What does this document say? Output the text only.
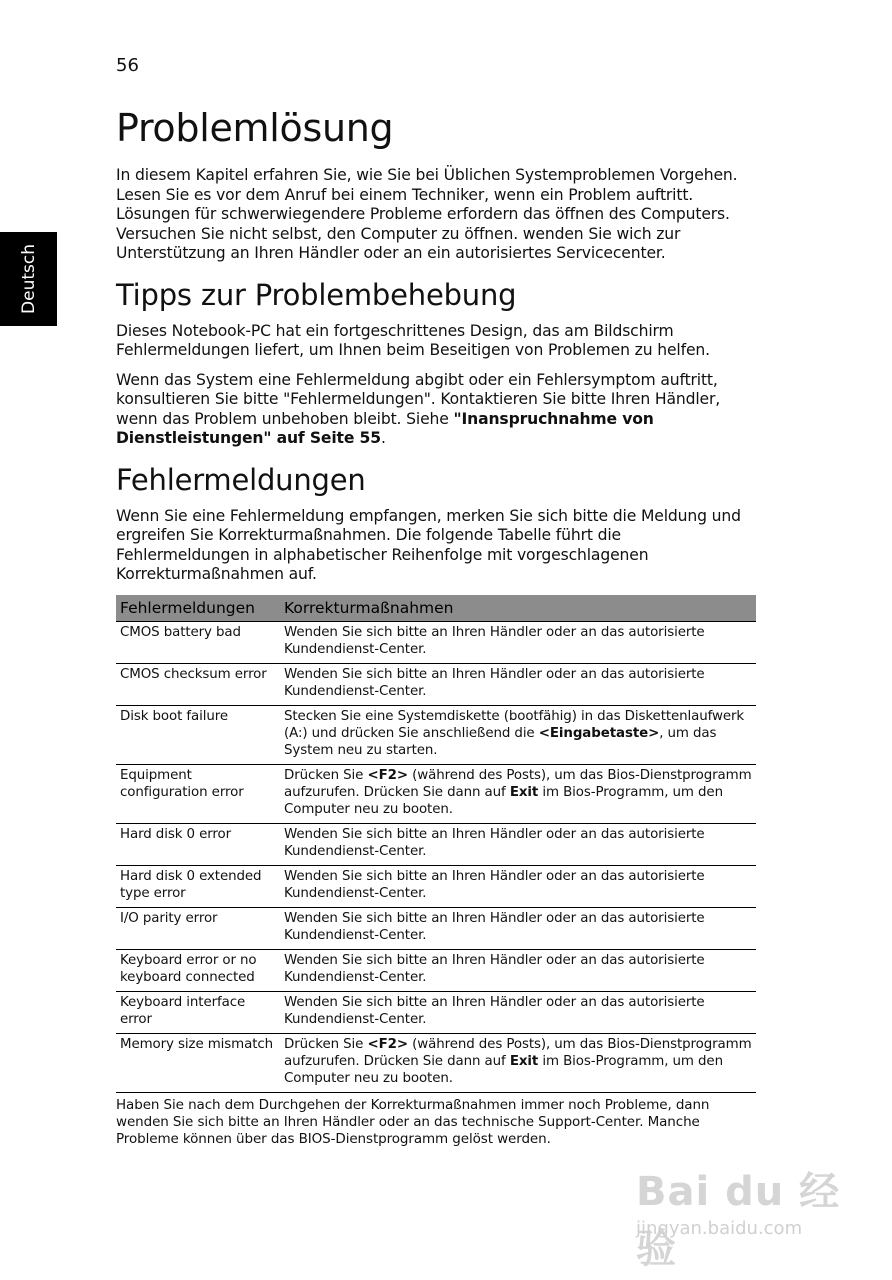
56
Deutsch
Problemlösung

In diesem Kapitel erfahren Sie, wie Sie bei Üblichen Systemproblemen Vorgehen. Lesen Sie es vor dem Anruf bei einem Techniker, wenn ein Problem auftritt. Lösungen für schwerwiegendere Probleme erfordern das öffnen des Computers. Versuchen Sie nicht selbst, den Computer zu öffnen. wenden Sie wich zur Unterstützung an Ihren Händler oder an ein autorisiertes Servicecenter.

Tipps zur Problembehebung

Dieses Notebook-PC hat ein fortgeschrittenes Design, das am Bildschirm Fehlermeldungen liefert, um Ihnen beim Beseitigen von Problemen zu helfen.

Wenn das System eine Fehlermeldung abgibt oder ein Fehlersymptom auftritt, konsultieren Sie bitte "Fehlermeldungen". Kontaktieren Sie bitte Ihren Händler, wenn das Problem unbehoben bleibt. Siehe "Inanspruchnahme von Dienstleistungen" auf Seite 55.

Fehlermeldungen

Wenn Sie eine Fehlermeldung empfangen, merken Sie sich bitte die Meldung und ergreifen Sie Korrekturmaßnahmen. Die folgende Tabelle führt die Fehlermeldungen in alphabetischer Reihenfolge mit vorgeschlagenen Korrekturmaßnahmen auf.

Fehlermeldungen	Korrekturmaßnahmen
CMOS battery bad	Wenden Sie sich bitte an Ihren Händler oder an das autorisierte Kundendienst-Center.
CMOS checksum error	Wenden Sie sich bitte an Ihren Händler oder an das autorisierte Kundendienst-Center.
Disk boot failure	Stecken Sie eine Systemdiskette (bootfähig) in das Diskettenlaufwerk (A:) und drücken Sie anschließend die <Eingabetaste>, um das System neu zu starten.
Equipment configuration error	Drücken Sie <F2> (während des Posts), um das Bios-Dienstprogramm aufzurufen. Drücken Sie dann auf Exit im Bios-Programm, um den Computer neu zu booten.
Hard disk 0 error	Wenden Sie sich bitte an Ihren Händler oder an das autorisierte Kundendienst-Center.
Hard disk 0 extended type error	Wenden Sie sich bitte an Ihren Händler oder an das autorisierte Kundendienst-Center.
I/O parity error	Wenden Sie sich bitte an Ihren Händler oder an das autorisierte Kundendienst-Center.
Keyboard error or no keyboard connected	Wenden Sie sich bitte an Ihren Händler oder an das autorisierte Kundendienst-Center.
Keyboard interface error	Wenden Sie sich bitte an Ihren Händler oder an das autorisierte Kundendienst-Center.
Memory size mismatch	Drücken Sie <F2> (während des Posts), um das Bios-Dienstprogramm aufzurufen. Drücken Sie dann auf Exit im Bios-Programm, um den Computer neu zu booten.

Haben Sie nach dem Durchgehen der Korrekturmaßnahmen immer noch Probleme, dann wenden Sie sich bitte an Ihren Händler oder an das technische Support-Center. Manche Probleme können über das BIOS-Dienstprogramm gelöst werden.

Bai du 经验
jingyan.baidu.com
